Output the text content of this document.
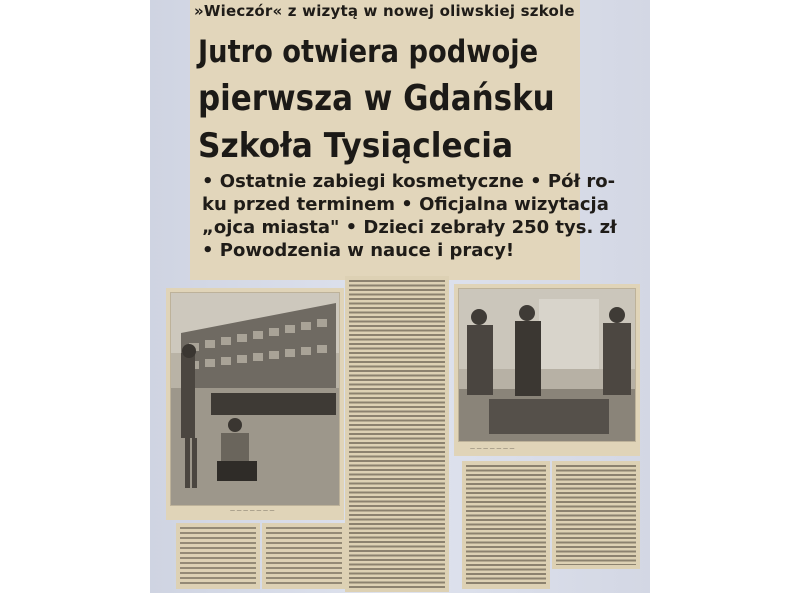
»Wieczór« z wizytą w nowej oliwskiej szkole
Jutro otwiera podwoje
pierwsza w Gdańsku
Szkoła Tysiąclecia
• Ostatnie zabiegi kosmetyczne • Pół ro-
ku przed terminem • Oficjalna wizytacja
„ojca miasta" • Dzieci zebrały 250 tys. zł
• Powodzenia w nauce i pracy!
— — — — — — —
— — — — — — —
